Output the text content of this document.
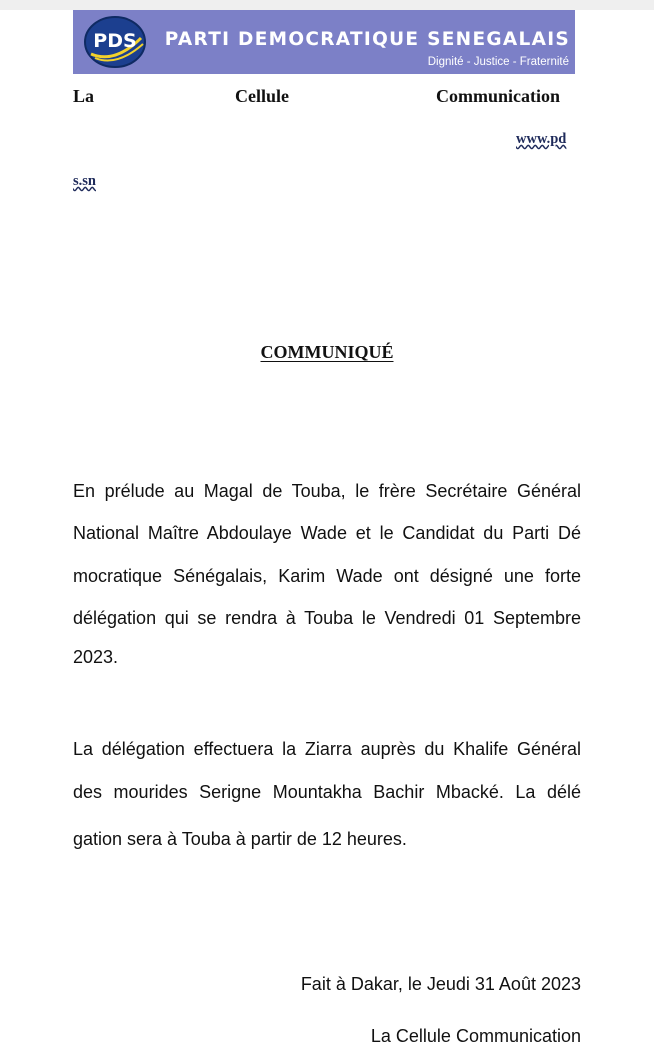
PDS	PARTI DEMOCRATIQUE SENEGALAIS
Dignité - Justice - Fraternité
La	Cellule	Communication
www.pd
s.sn
COMMUNIQUÉ
En prélude au Magal de Touba, le frère Secrétaire Général
National Maître Abdoulaye Wade et le Candidat du Parti Dé
mocratique Sénégalais, Karim Wade ont désigné une forte
délégation qui se rendra à Touba le Vendredi 01 Septembre
2023.
La délégation effectuera la Ziarra auprès du Khalife Général
des mourides Serigne Mountakha Bachir Mbacké. La délé
gation sera à Touba à partir de 12 heures.
Fait à Dakar, le Jeudi 31 Août 2023
La Cellule Communication
